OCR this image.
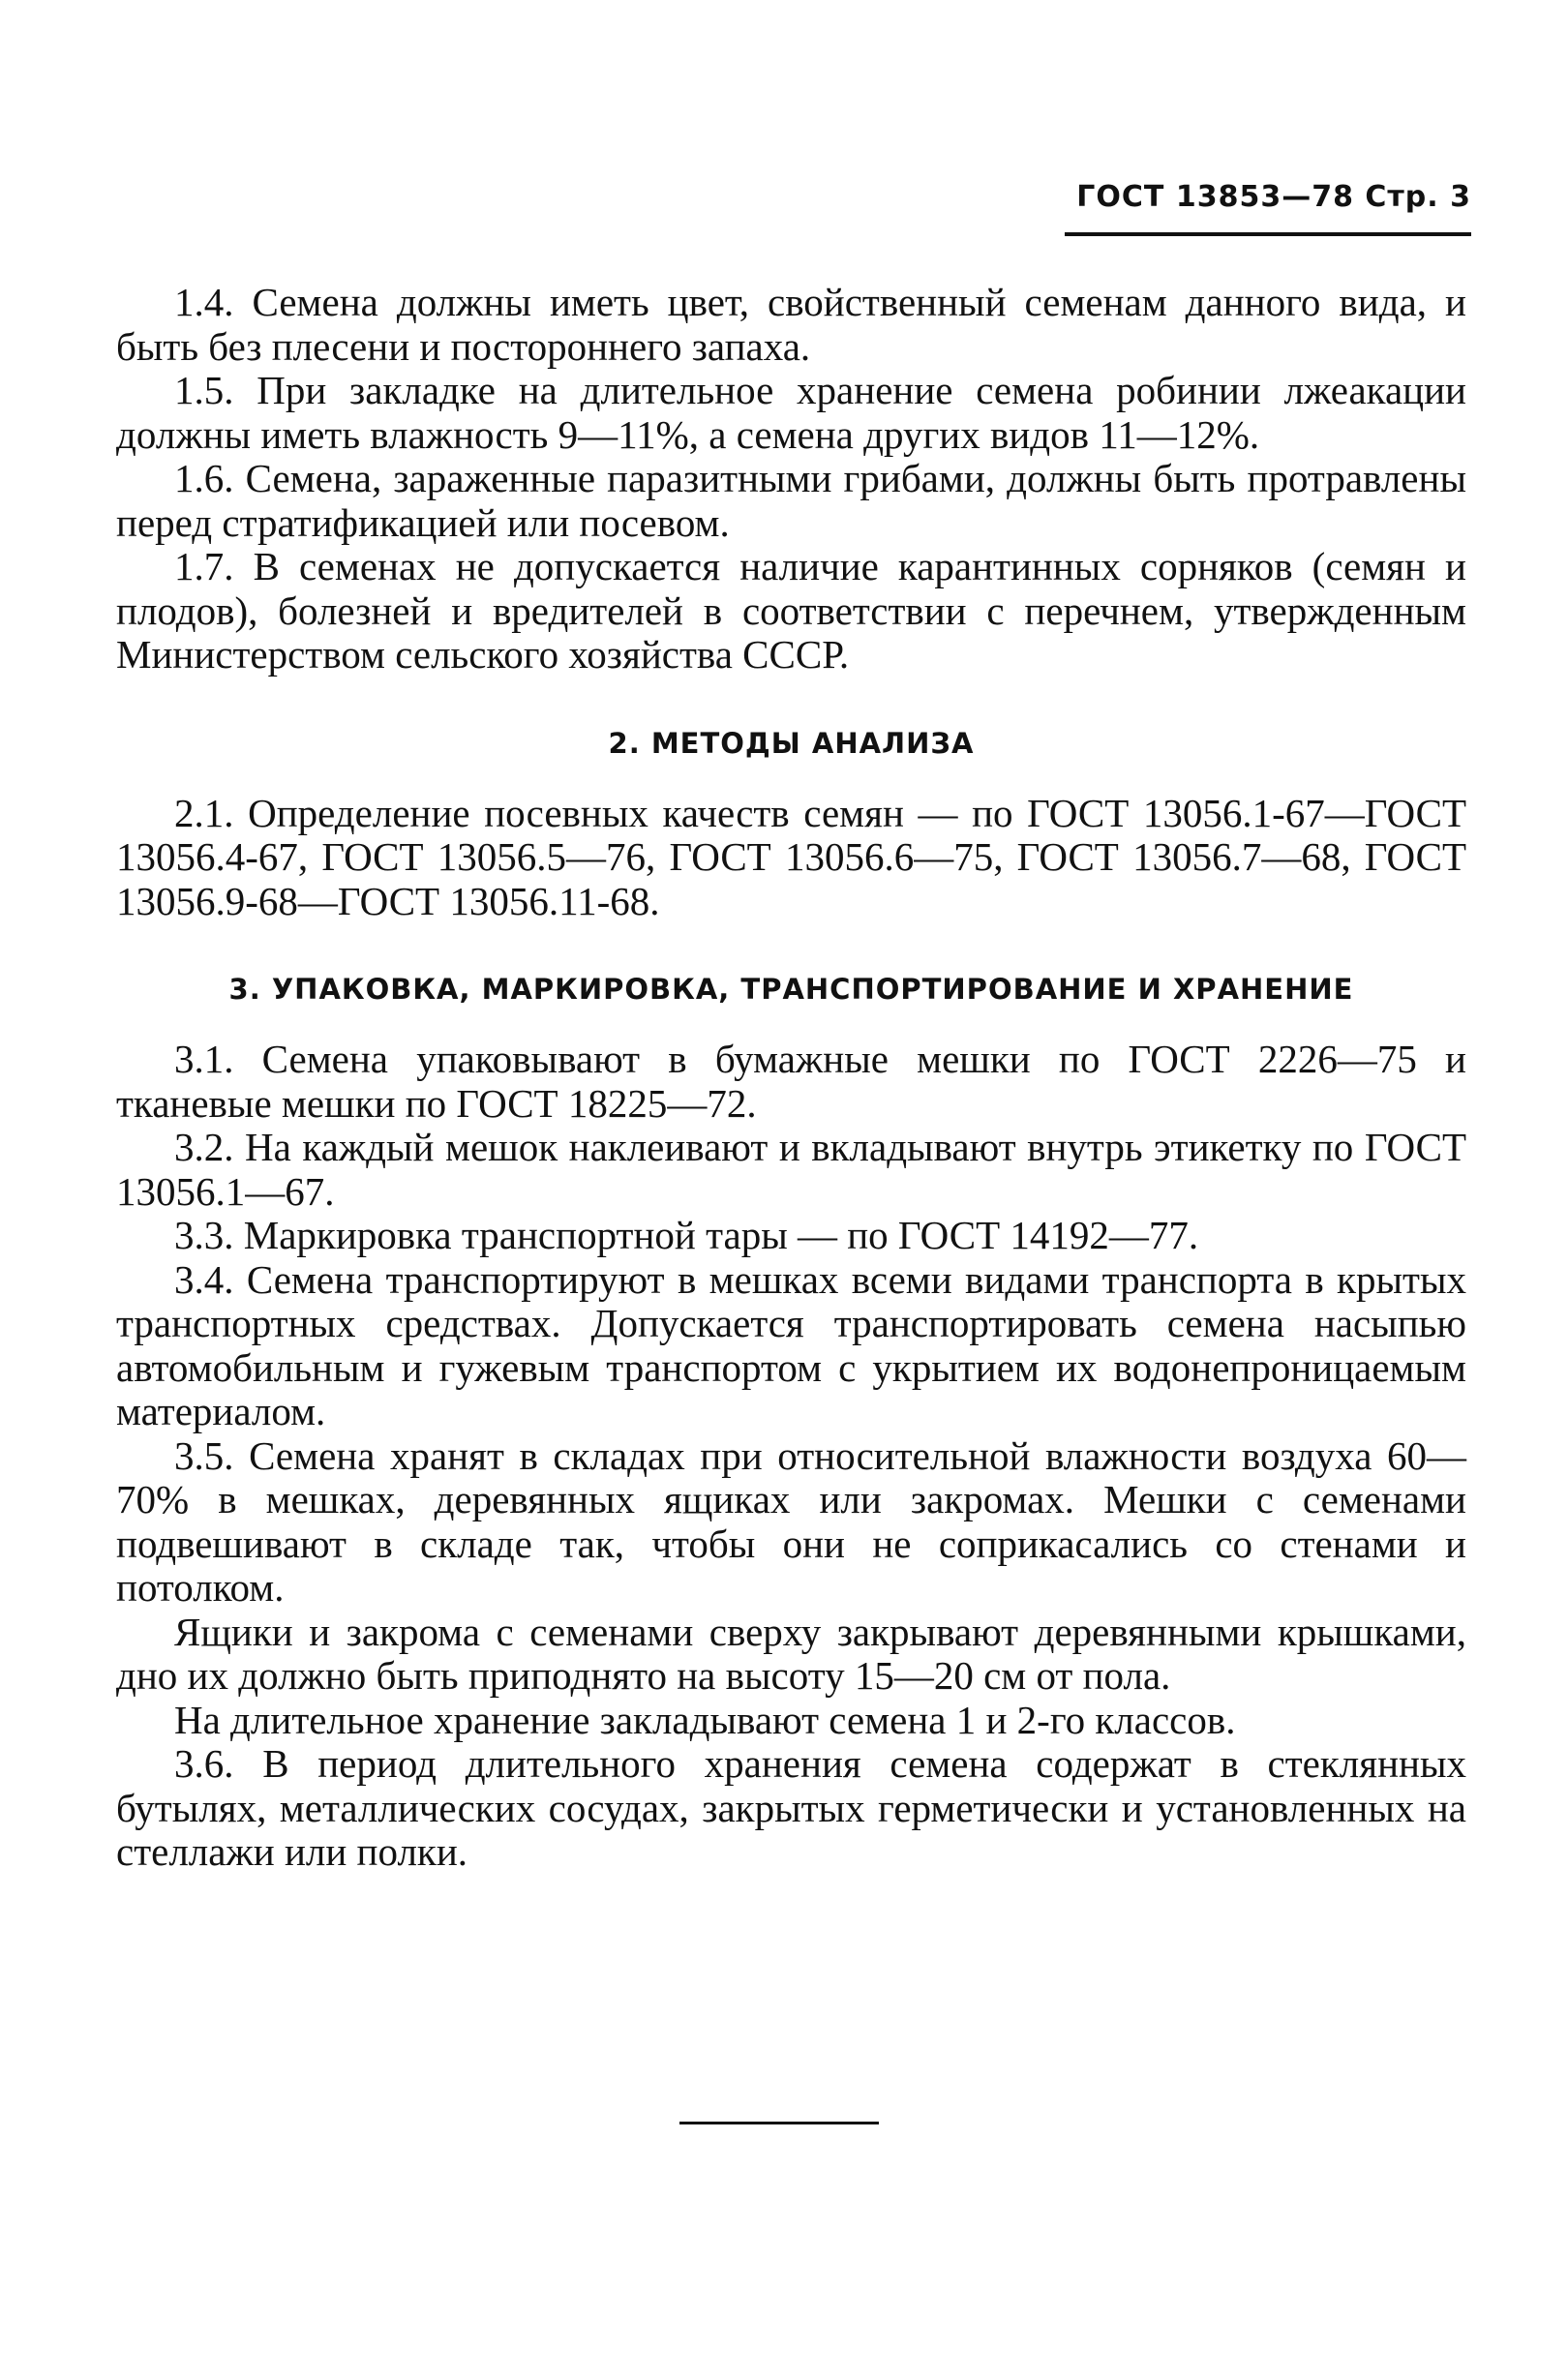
ГОСТ 13853—78 Стр. 3

1.4. Семена должны иметь цвет, свойственный семенам данного вида, и быть без плесени и постороннего запаха.

1.5. При закладке на длительное хранение семена робинии лжеакации должны иметь влажность 9—11%, а семена других видов 11—12%.

1.6. Семена, зараженные паразитными грибами, должны быть протравлены перед стратификацией или посевом.

1.7. В семенах не допускается наличие карантинных сорняков (семян и плодов), болезней и вредителей в соответствии с перечнем, утвержденным Министерством сельского хозяйства СССР.

2. МЕТОДЫ АНАЛИЗА

2.1. Определение посевных качеств семян — по ГОСТ 13056.1-67—ГОСТ 13056.4-67, ГОСТ 13056.5—76, ГОСТ 13056.6—75, ГОСТ 13056.7—68, ГОСТ 13056.9-68—ГОСТ 13056.11-68.

3. УПАКОВКА, МАРКИРОВКА, ТРАНСПОРТИРОВАНИЕ И ХРАНЕНИЕ

3.1. Семена упаковывают в бумажные мешки по ГОСТ 2226—75 и тканевые мешки по ГОСТ 18225—72.

3.2. На каждый мешок наклеивают и вкладывают внутрь этикетку по ГОСТ 13056.1—67.

3.3. Маркировка транспортной тары — по ГОСТ 14192—77.

3.4. Семена транспортируют в мешках всеми видами транспорта в крытых транспортных средствах. Допускается транспортировать семена насыпью автомобильным и гужевым транспортом с укрытием их водонепроницаемым материалом.

3.5. Семена хранят в складах при относительной влажности воздуха 60—70% в мешках, деревянных ящиках или закромах. Мешки с семенами подвешивают в складе так, чтобы они не соприкасались со стенами и потолком.

Ящики и закрома с семенами сверху закрывают деревянными крышками, дно их должно быть приподнято на высоту 15—20 см от пола.

На длительное хранение закладывают семена 1 и 2-го классов.

3.6. В период длительного хранения семена содержат в стеклянных бутылях, металлических сосудах, закрытых герметически и установленных на стеллажи или полки.
